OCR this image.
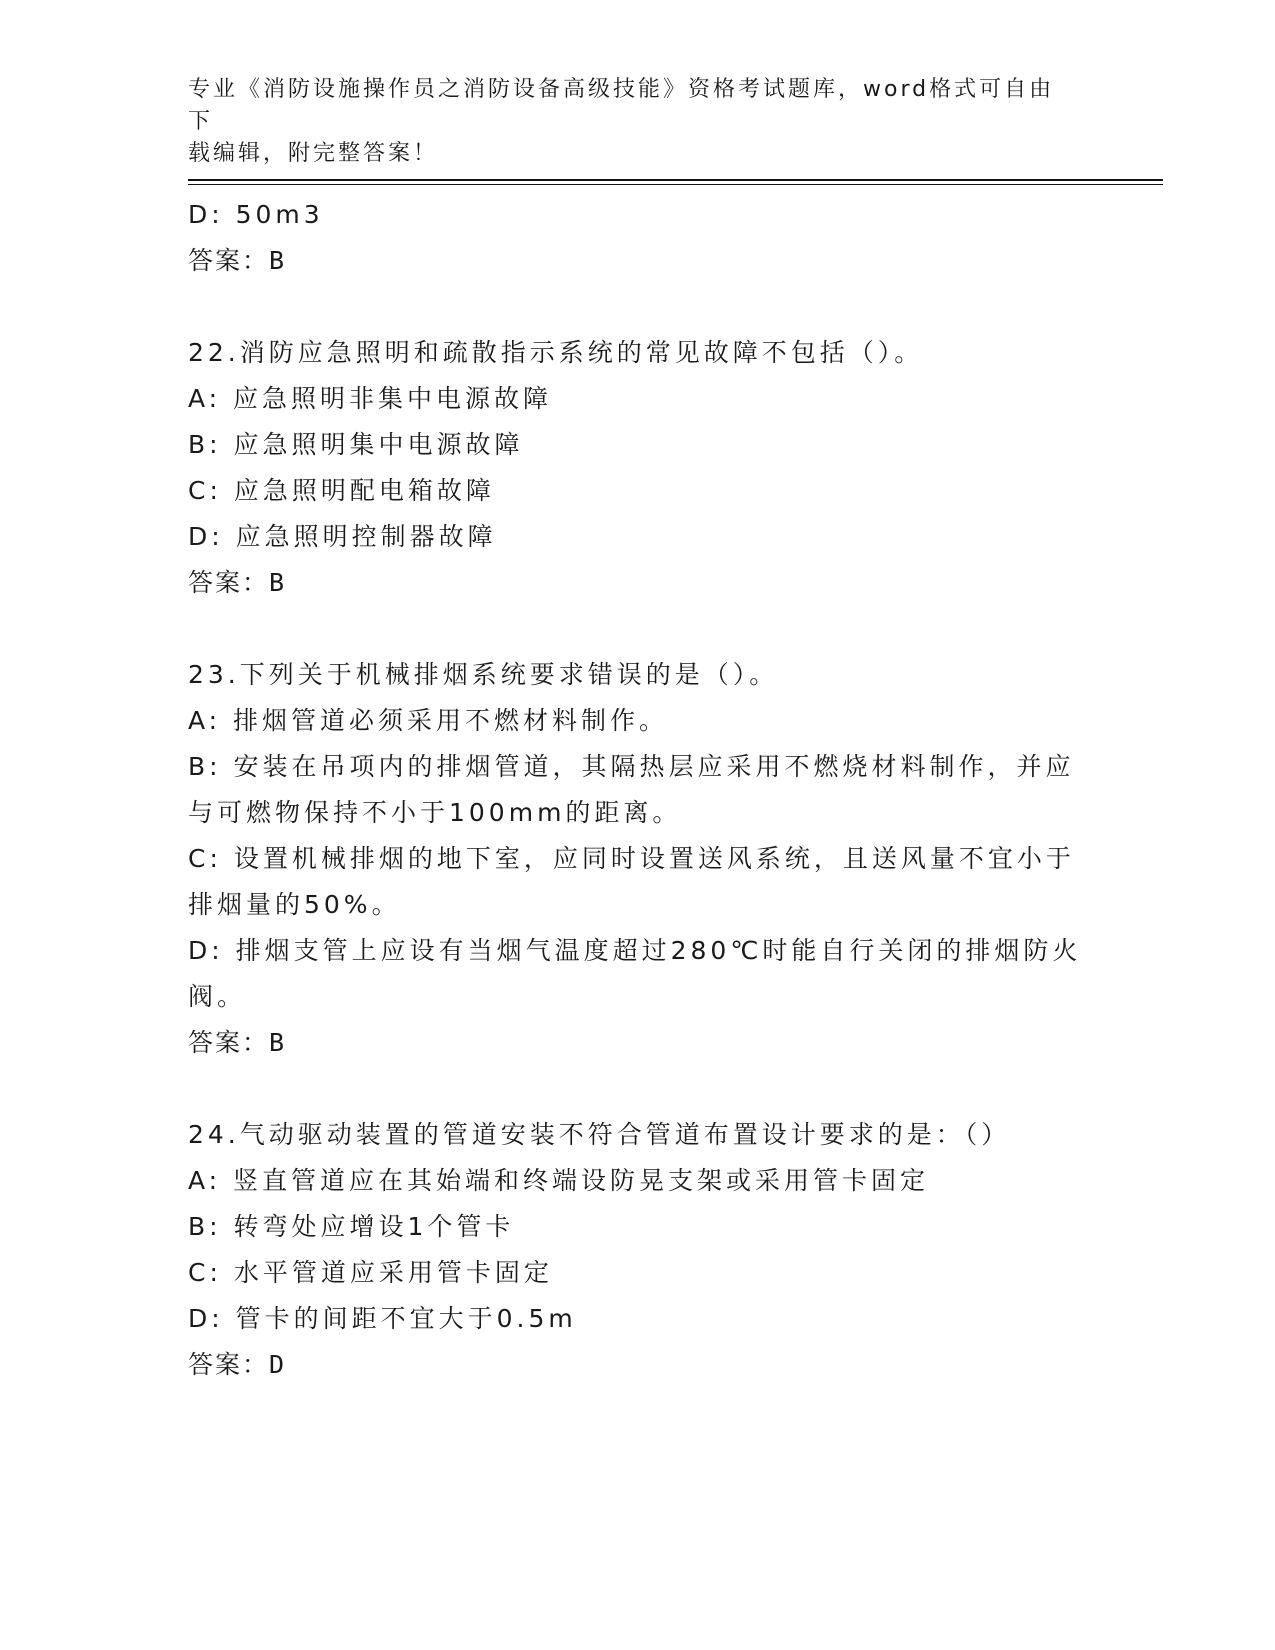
专业《消防设施操作员之消防设备高级技能》资格考试题库，word格式可自由下
载编辑，附完整答案！
D: 50m3
答案：B
22.消防应急照明和疏散指示系统的常见故障不包括（）。
A: 应急照明非集中电源故障
B: 应急照明集中电源故障
C: 应急照明配电箱故障
D: 应急照明控制器故障
答案：B
23.下列关于机械排烟系统要求错误的是（）。
A: 排烟管道必须采用不燃材料制作。
B: 安装在吊项内的排烟管道，其隔热层应采用不燃烧材料制作，并应
与可燃物保持不小于100mm的距离。
C: 设置机械排烟的地下室，应同时设置送风系统，且送风量不宜小于
排烟量的50%。
D: 排烟支管上应设有当烟气温度超过280℃时能自行关闭的排烟防火
阀。
答案：B
24.气动驱动装置的管道安装不符合管道布置设计要求的是：（）
A: 竖直管道应在其始端和终端设防晃支架或采用管卡固定
B: 转弯处应增设1个管卡
C: 水平管道应采用管卡固定
D: 管卡的间距不宜大于0.5m
答案：D
